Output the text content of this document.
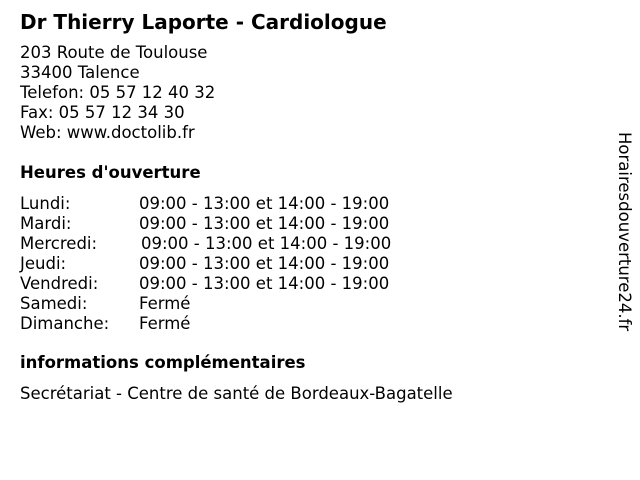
Dr Thierry Laporte - Cardiologue
203 Route de Toulouse
33400 Talence
Telefon: 05 57 12 40 32
Fax: 05 57 12 34 30
Web: www.doctolib.fr
Heures d'ouverture
Lundi:	09:00 - 13:00 et 14:00 - 19:00
Mardi:	09:00 - 13:00 et 14:00 - 19:00
Mercredi:	09:00 - 13:00 et 14:00 - 19:00
Jeudi:	09:00 - 13:00 et 14:00 - 19:00
Vendredi: 09:00 - 13:00 et 14:00 - 19:00
Samedi:	Fermé
Dimanche: Fermé
informations complémentaires
Secrétariat - Centre de santé de Bordeaux-Bagatelle
Horairesdouverture24.fr
